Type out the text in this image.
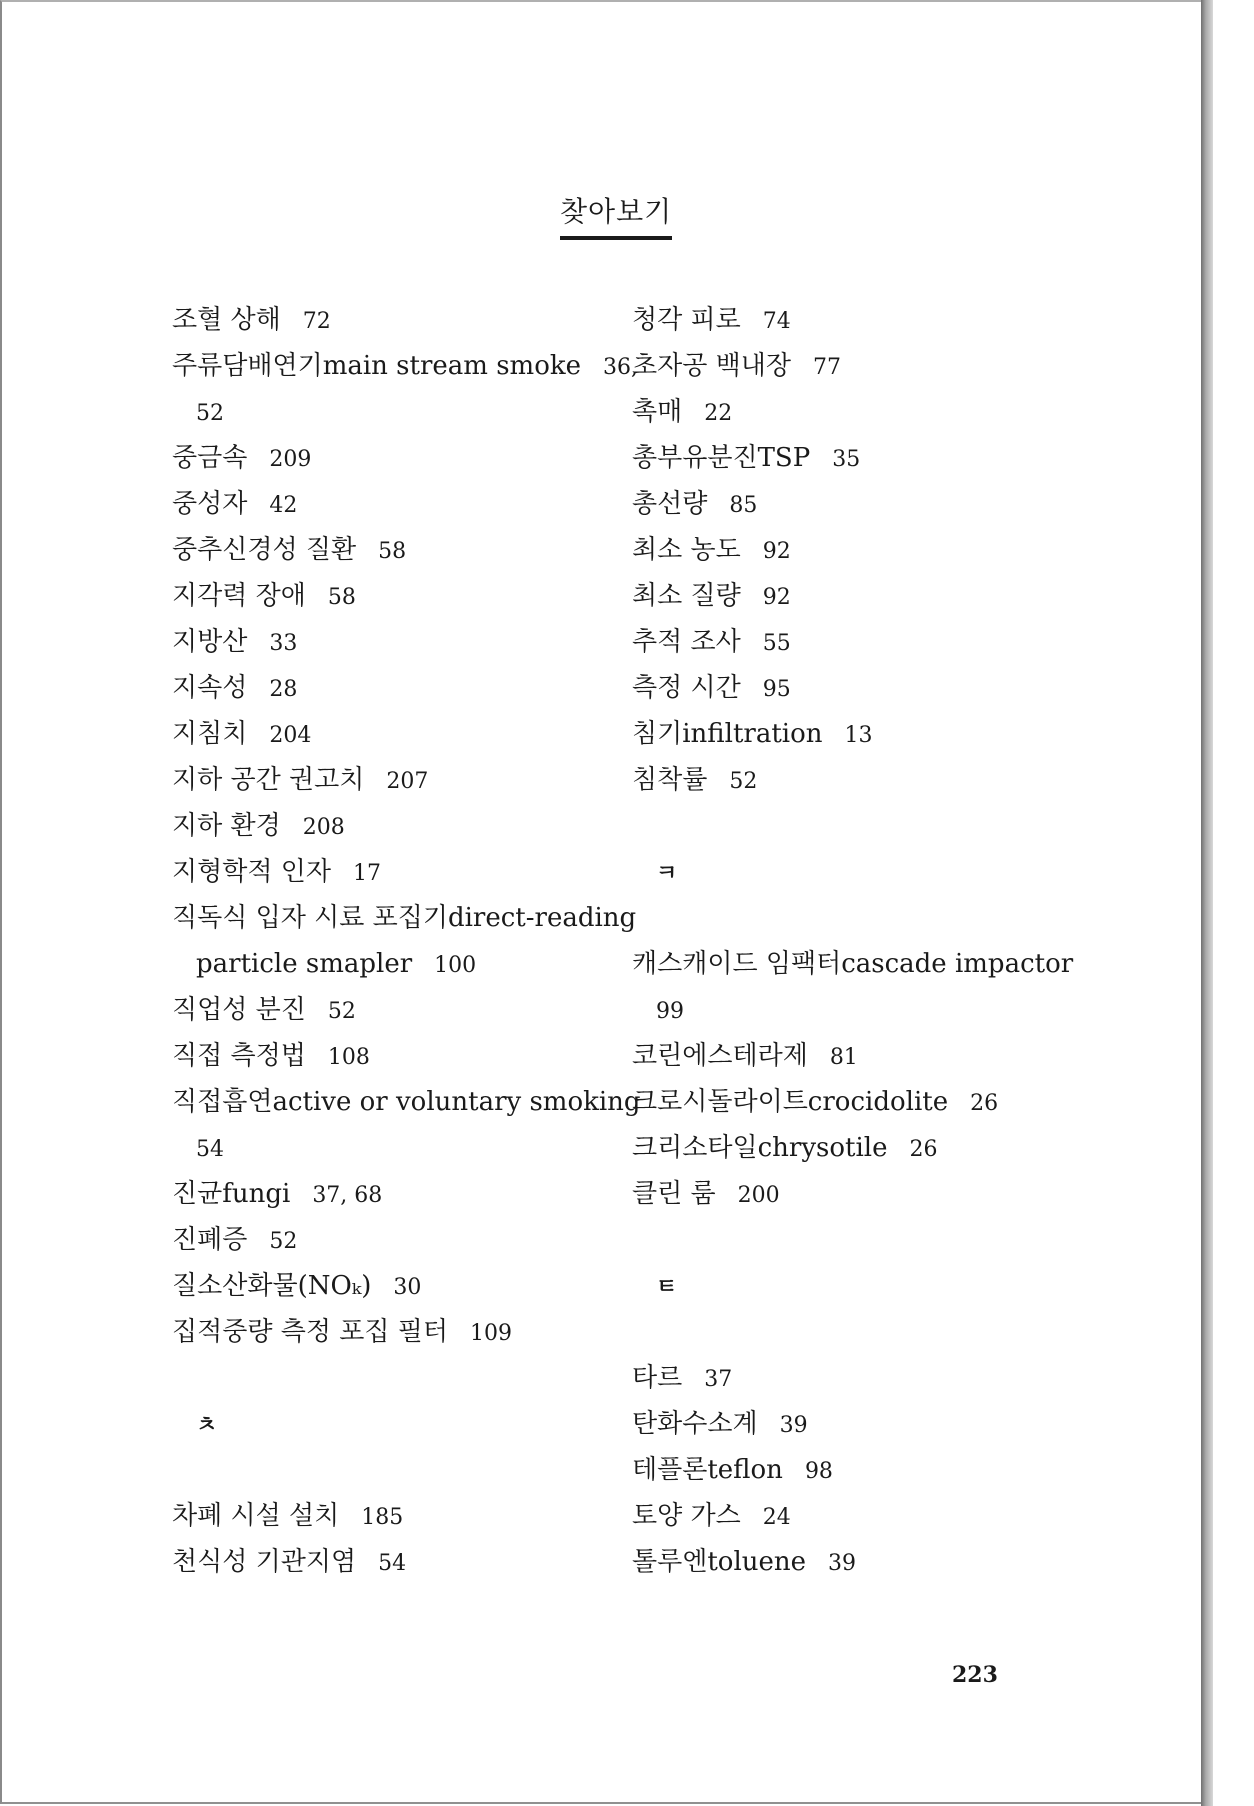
찾아보기
조혈 상해 72
주류담배연기main stream smoke 36,
52
중금속 209
중성자 42
중추신경성 질환 58
지각력 장애 58
지방산 33
지속성 28
지침치 204
지하 공간 권고치 207
지하 환경 208
지형학적 인자 17
직독식 입자 시료 포집기direct-reading
particle smapler 100
직업성 분진 52
직접 측정법 108
직접흡연active or voluntary smoking
54
진균fungi 37, 68
진폐증 52
질소산화물(NOₖ) 30
집적중량 측정 포집 필터 109
ㅊ
차폐 시설 설치 185
천식성 기관지염 54
청각 피로 74
초자공 백내장 77
촉매 22
총부유분진TSP 35
총선량 85
최소 농도 92
최소 질량 92
추적 조사 55
측정 시간 95
침기infiltration 13
침착률 52
ㅋ
캐스캐이드 임팩터cascade impactor
99
코린에스테라제 81
크로시돌라이트crocidolite 26
크리소타일chrysotile 26
클린 룸 200
ㅌ
타르 37
탄화수소계 39
테플론teflon 98
토양 가스 24
톨루엔toluene 39
223
